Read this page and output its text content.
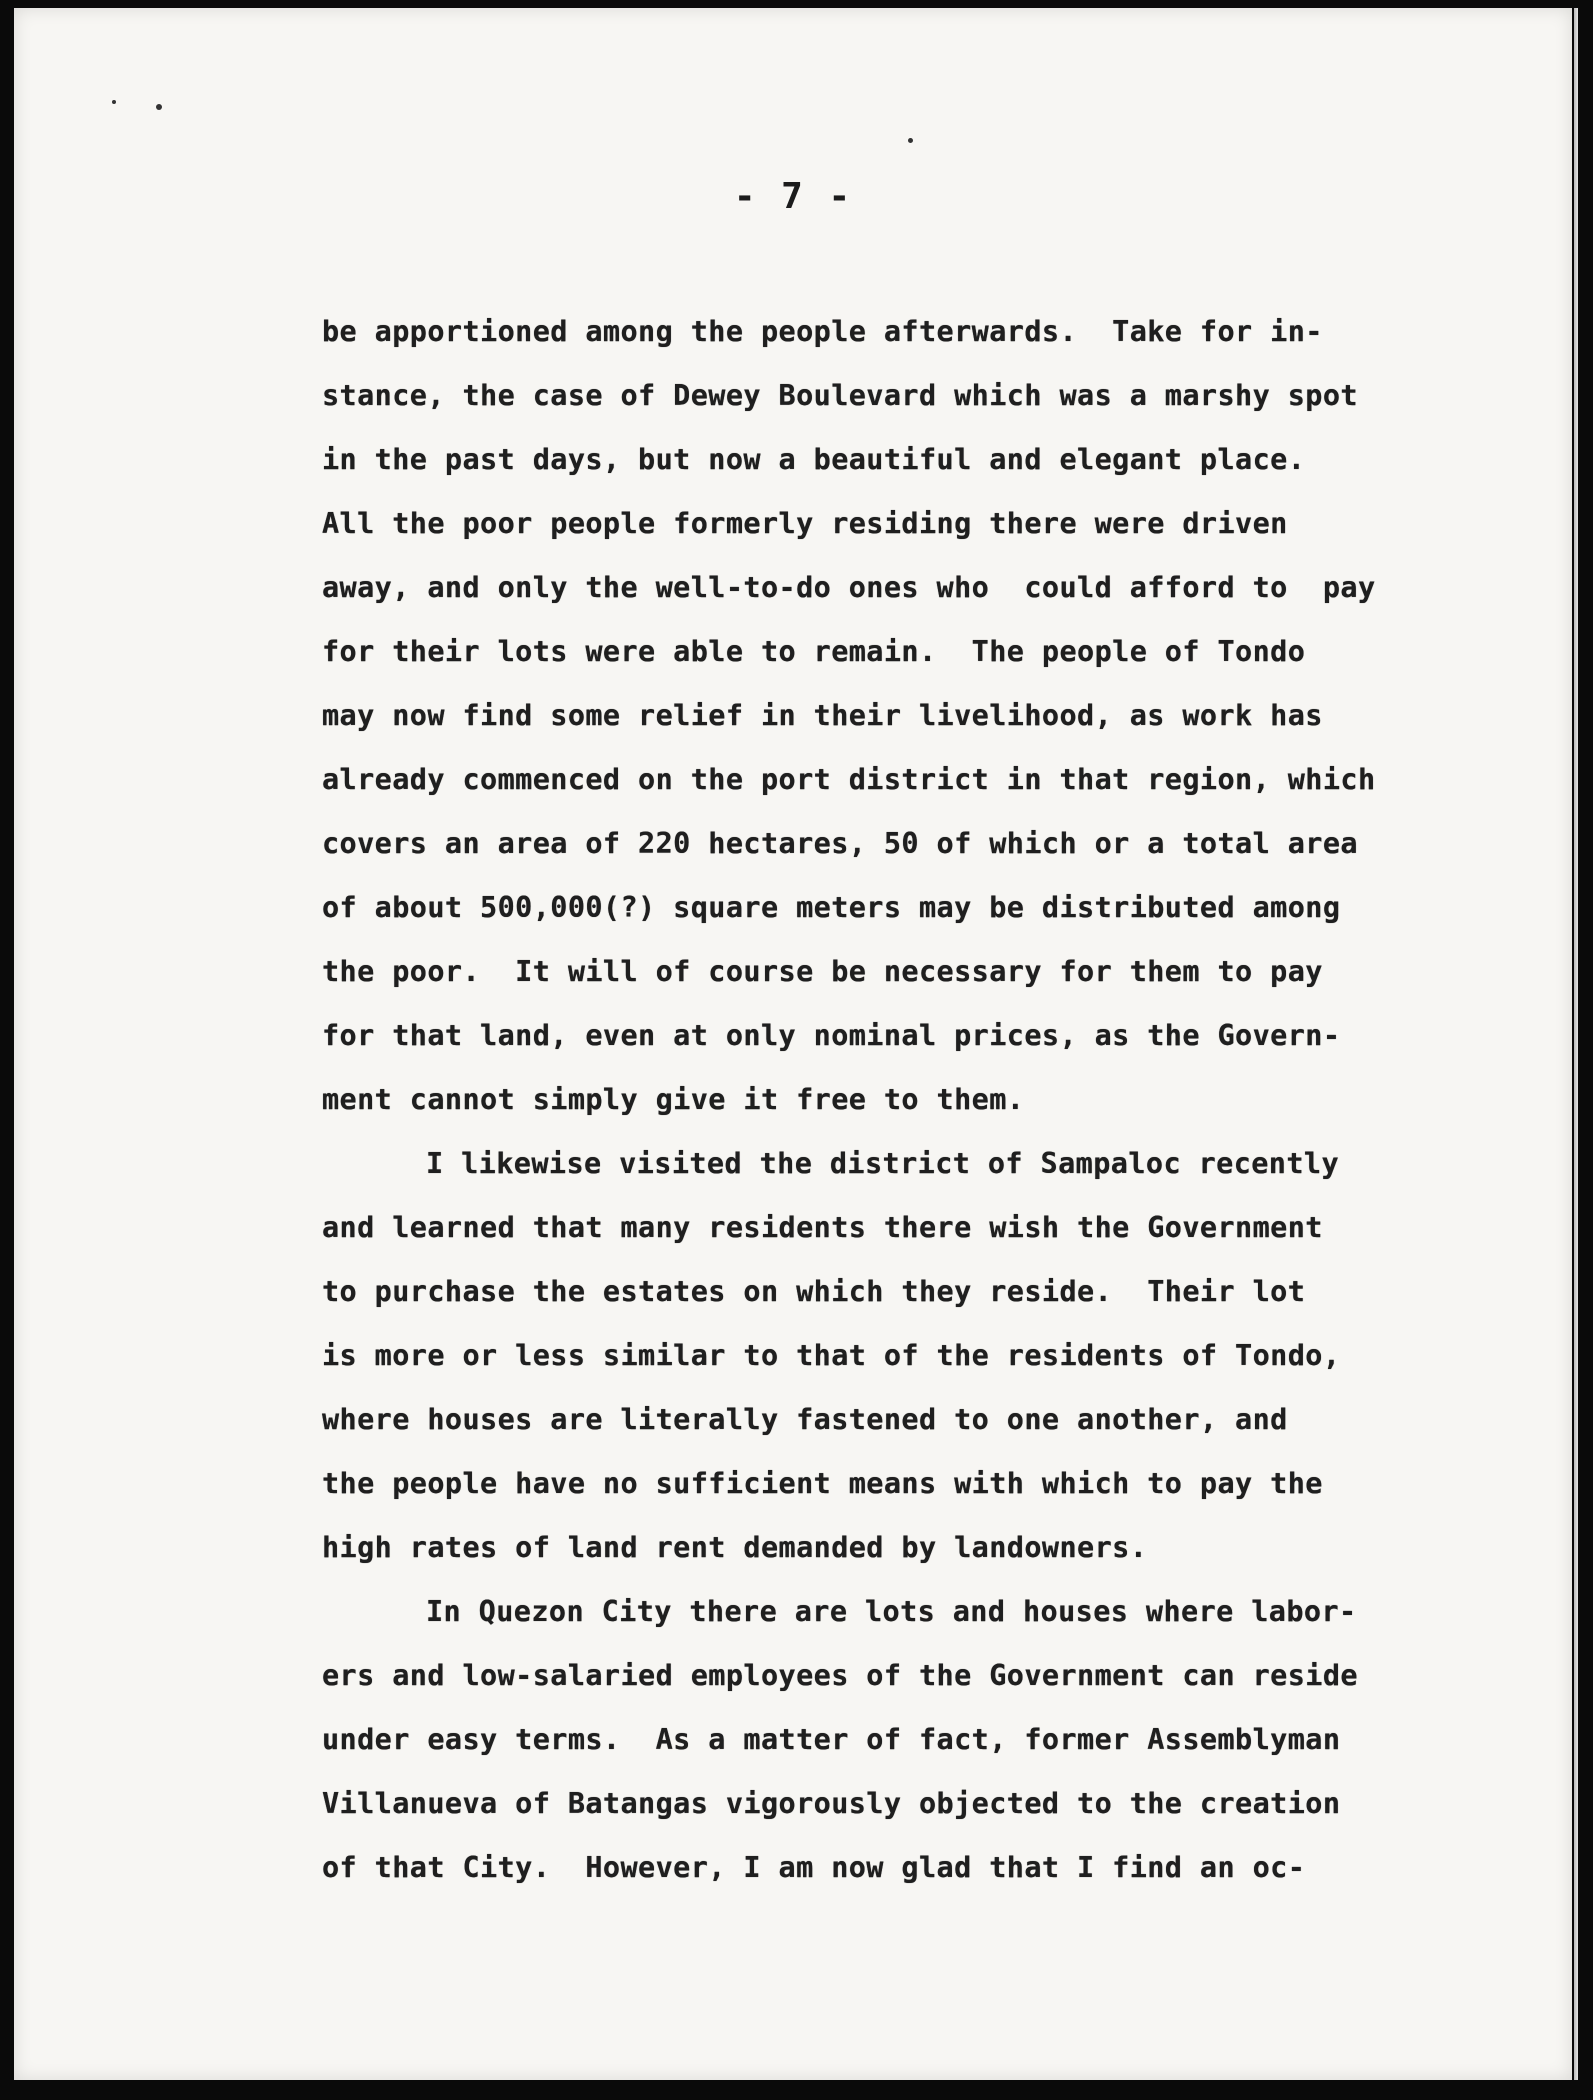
- 7 -
be apportioned among the people afterwards.  Take for in-
stance, the case of Dewey Boulevard which was a marshy spot
in the past days, but now a beautiful and elegant place.
All the poor people formerly residing there were driven
away, and only the well-to-do ones who  could afford to  pay
for their lots were able to remain.  The people of Tondo
may now find some relief in their livelihood, as work has
already commenced on the port district in that region, which
covers an area of 220 hectares, 50 of which or a total area
of about 500,000(?) square meters may be distributed among
the poor.  It will of course be necessary for them to pay
for that land, even at only nominal prices, as the Govern-
ment cannot simply give it free to them.
I likewise visited the district of Sampaloc recently
and learned that many residents there wish the Government
to purchase the estates on which they reside.  Their lot
is more or less similar to that of the residents of Tondo,
where houses are literally fastened to one another, and
the people have no sufficient means with which to pay the
high rates of land rent demanded by landowners.
In Quezon City there are lots and houses where labor-
ers and low-salaried employees of the Government can reside
under easy terms.  As a matter of fact, former Assemblyman
Villanueva of Batangas vigorously objected to the creation
of that City.  However, I am now glad that I find an oc-
